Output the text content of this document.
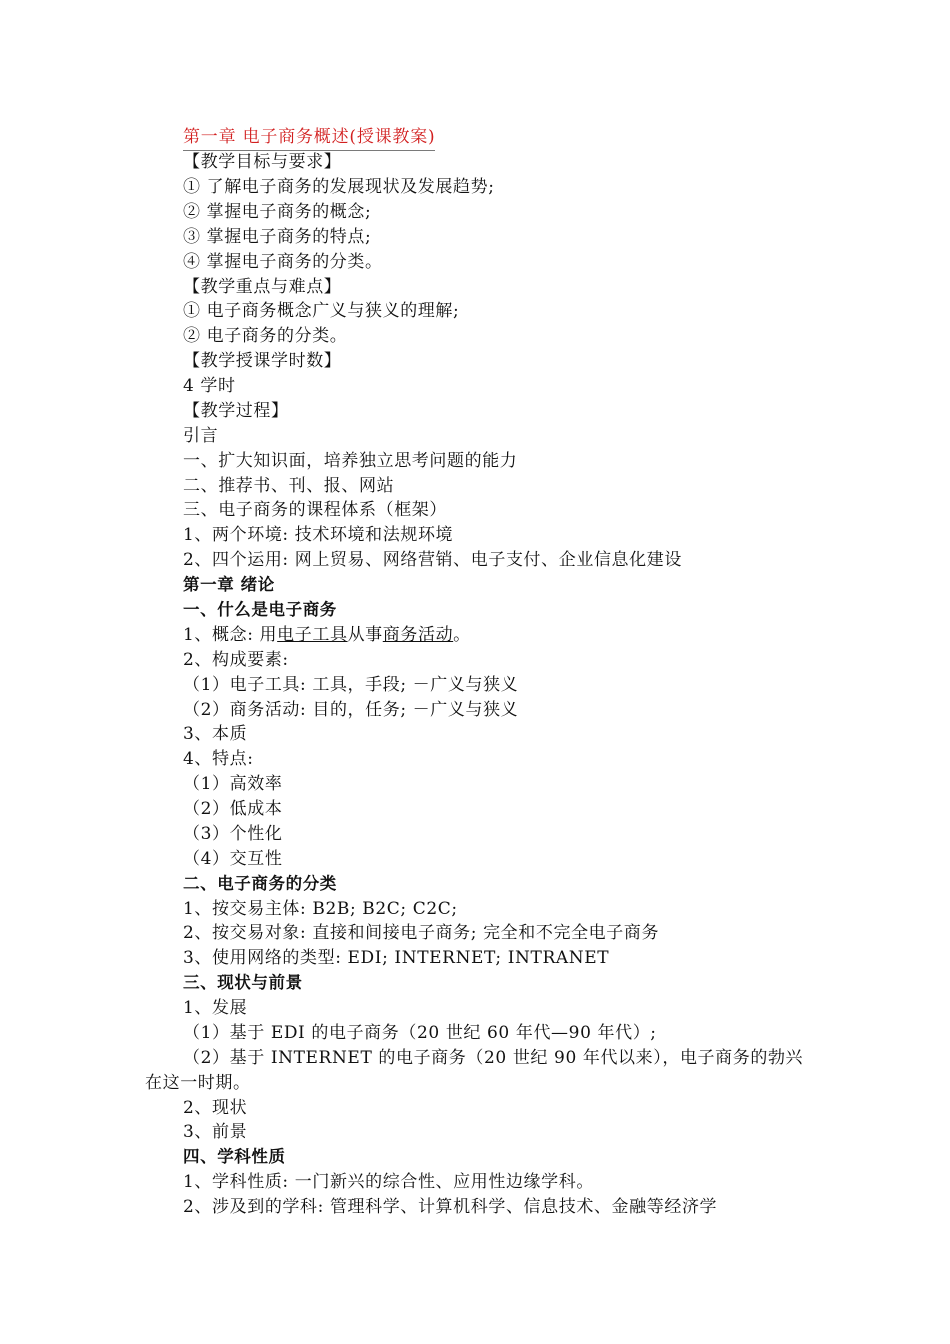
第一章 电子商务概述(授课教案)
【教学目标与要求】
① 了解电子商务的发展现状及发展趋势;
② 掌握电子商务的概念;
③ 掌握电子商务的特点;
④ 掌握电子商务的分类。
【教学重点与难点】
① 电子商务概念广义与狭义的理解;
② 电子商务的分类。
【教学授课学时数】
4 学时
【教学过程】
引言
一、扩大知识面，培养独立思考问题的能力
二、推荐书、刊、报、网站
三、电子商务的课程体系（框架）
1、两个环境: 技术环境和法规环境
2、四个运用: 网上贸易、网络营销、电子支付、企业信息化建设
第一章 绪论
一、什么是电子商务
1、概念: 用电子工具从事商务活动。
2、构成要素:
（1）电子工具: 工具，手段; －广义与狭义
（2）商务活动: 目的，任务; －广义与狭义
3、本质
4、特点:
（1）高效率
（2）低成本
（3）个性化
（4）交互性
二、电子商务的分类
1、按交易主体: B2B; B2C; C2C;
2、按交易对象: 直接和间接电子商务; 完全和不完全电子商务
3、使用网络的类型: EDI; INTERNET; INTRANET
三、现状与前景
1、发展
（1）基于 EDI 的电子商务（20 世纪 60 年代—90 年代）;
（2）基于 INTERNET 的电子商务（20 世纪 90 年代以来），电子商务的勃兴
在这一时期。
2、现状
3、前景
四、学科性质
1、学科性质: 一门新兴的综合性、应用性边缘学科。
2、涉及到的学科: 管理科学、计算机科学、信息技术、金融等经济学
